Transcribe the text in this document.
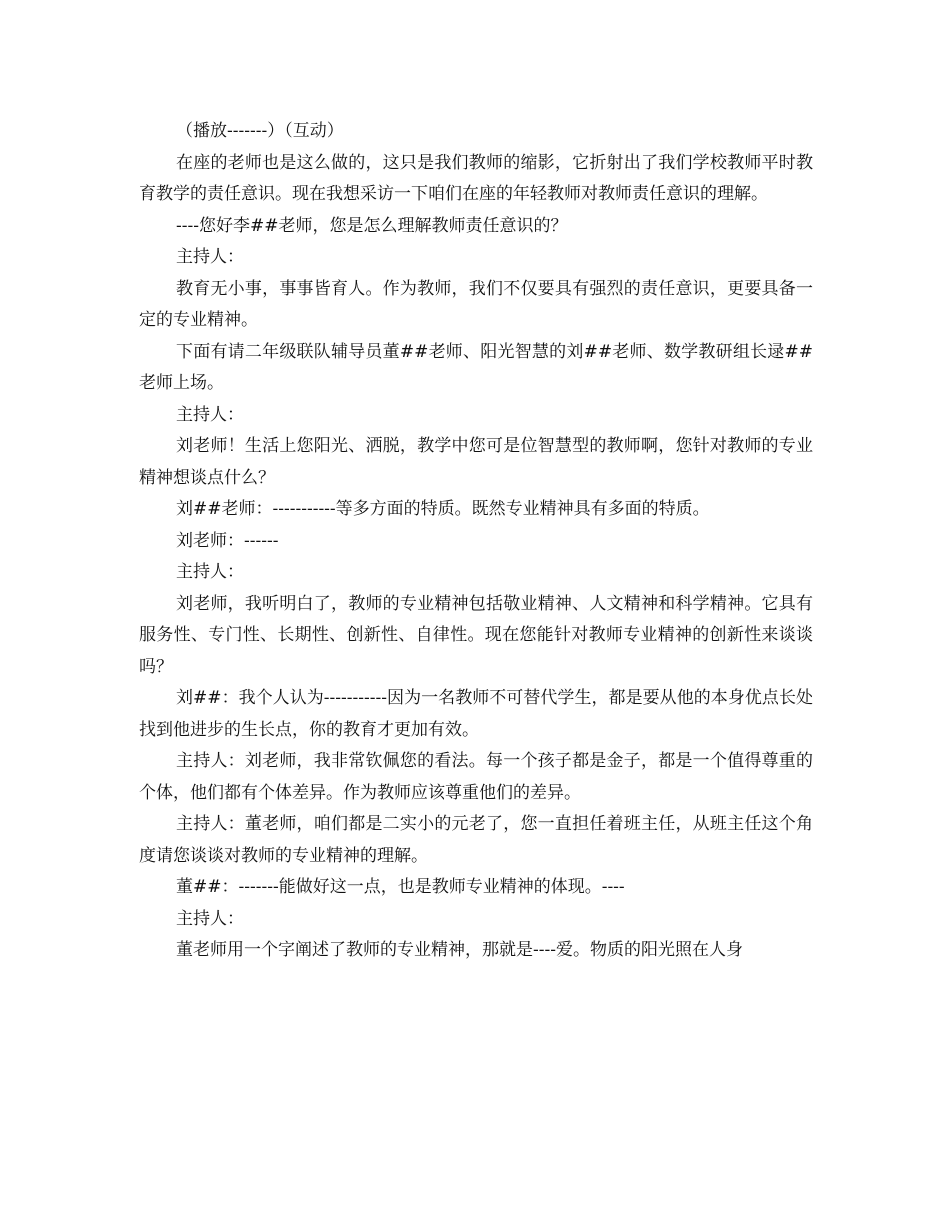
（播放-------）（互动）

在座的老师也是这么做的，这只是我们教师的缩影，它折射出了我们学校教师平时教育教学的责任意识。现在我想采访一下咱们在座的年轻教师对教师责任意识的理解。

----您好李##老师，您是怎么理解教师责任意识的？

主持人：

教育无小事，事事皆育人。作为教师，我们不仅要具有强烈的责任意识，更要具备一定的专业精神。

下面有请二年级联队辅导员董##老师、阳光智慧的刘##老师、数学教研组长逯##老师上场。

主持人：

刘老师！生活上您阳光、洒脱，教学中您可是位智慧型的教师啊，您针对教师的专业精神想谈点什么？

刘##老师：-----------等多方面的特质。既然专业精神具有多面的特质。

刘老师：------

主持人：

刘老师，我听明白了，教师的专业精神包括敬业精神、人文精神和科学精神。它具有服务性、专门性、长期性、创新性、自律性。现在您能针对教师专业精神的创新性来谈谈吗？

刘##：我个人认为-----------因为一名教师不可替代学生，都是要从他的本身优点长处找到他进步的生长点，你的教育才更加有效。

主持人：刘老师，我非常钦佩您的看法。每一个孩子都是金子，都是一个值得尊重的个体，他们都有个体差异。作为教师应该尊重他们的差异。

主持人：董老师，咱们都是二实小的元老了，您一直担任着班主任，从班主任这个角度请您谈谈对教师的专业精神的理解。

董##：-------能做好这一点，也是教师专业精神的体现。----

主持人：

董老师用一个字阐述了教师的专业精神，那就是----爱。物质的阳光照在人身
